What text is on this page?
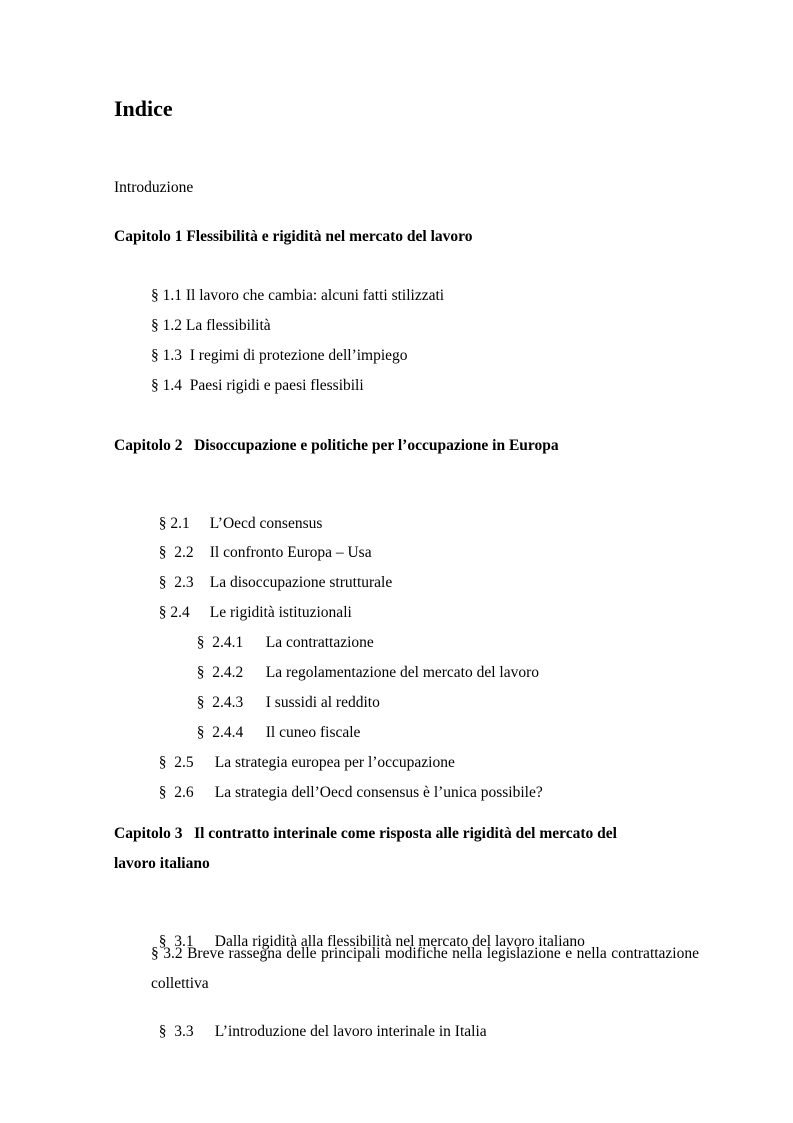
Indice
Introduzione
Capitolo 1 Flessibilità e rigidità nel mercato del lavoro
§ 1.1 Il lavoro che cambia: alcuni fatti stilizzati
§ 1.2 La flessibilità
§ 1.3  I regimi di protezione dell’impiego
§ 1.4  Paesi rigidi e paesi flessibili
Capitolo 2   Disoccupazione e politiche per l’occupazione in Europa

§ 2.1 L’Oecd consensus

§  2.2 Il confronto Europa – Usa

§  2.3 La disoccupazione strutturale

§ 2.4 Le rigidità istituzionali

§  2.4.1 La contrattazione

§  2.4.2 La regolamentazione del mercato del lavoro

§  2.4.3 I sussidi al reddito

§  2.4.4 Il cuneo fiscale

§  2.5 La strategia europea per l’occupazione

§  2.6 La strategia dell’Oecd consensus è l’unica possibile?

Capitolo 3   Il contratto interinale come risposta alle rigidità del mercato del
lavoro italiano

§  3.1 Dalla rigidità alla flessibilità nel mercato del lavoro italiano

§ 3.2 Breve rassegna delle principali modifiche nella legislazione e nella contrattazione collettiva

§  3.3 L’introduzione del lavoro interinale in Italia
